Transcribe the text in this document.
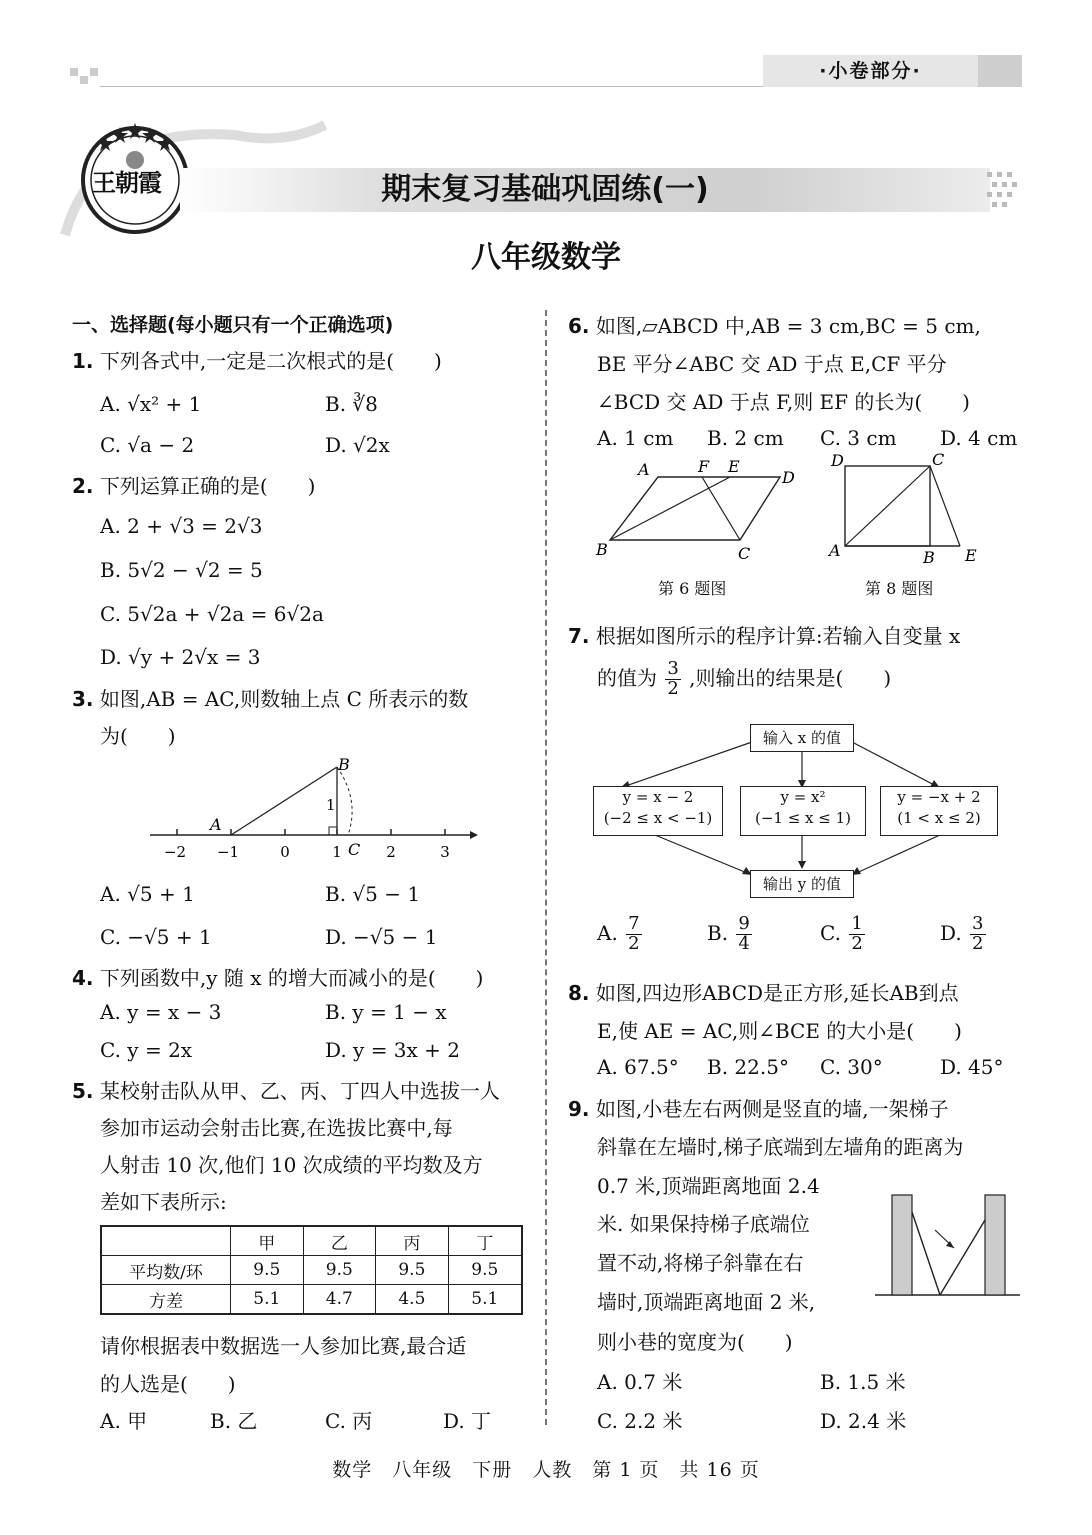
·小卷部分·
王朝霞	期末复习基础巩固练(一)
八年级数学
一、选择题(每小题只有一个正确选项)
1. 下列各式中,一定是二次根式的是(　　)
A. √x² + 1	B. ∛8
C. √a − 2	D. √2x
2. 下列运算正确的是(　　)
A. 2 + √3 = 2√3
B. 5√2 − √2 = 5
C. 5√2a + √2a = 6√2a
D. √y + 2√x = 3
3. 如图,AB = AC,则数轴上点 C 所表示的数
为(　　)
B
A
C
1
−2 −1	0	1	2	3
A. √5 + 1	B. √5 − 1
C. −√5 + 1	D. −√5 − 1
4. 下列函数中,y 随 x 的增大而减小的是(　　)
A. y = x − 3	B. y = 1 − x
C. y = 2x	D. y = 3x + 2
5. 某校射击队从甲、乙、丙、丁四人中选拔一人
参加市运动会射击比赛,在选拔比赛中,每
人射击 10 次,他们 10 次成绩的平均数及方
差如下表所示:
	甲	乙	丙	丁
平均数/环	9.5	9.5	9.5	9.5
方差	5.1	4.7	4.5	5.1
请你根据表中数据选一人参加比赛,最合适
的人选是(　　)
A. 甲	B. 乙	C. 丙	D. 丁
6. 如图,▱ABCD 中,AB = 3 cm,BC = 5 cm,
BE 平分∠ABC 交 AD 于点 E,CF 平分
∠BCD 交 AD 于点 F,则 EF 的长为(　　)
A. 1 cm B. 2 cm C. 3 cm D. 4 cm
A	F E
D
B	C
第 6 题图
D	C
A	B E
第 8 题图
7. 根据如图所示的程序计算:若输入自变量 x
的值为 $\frac{3}{2}$ ,则输出的结果是(　　)
输入 x 的值
y = x − 2
(−2 ≤ x < −1)
y = x²
(−1 ≤ x ≤ 1)
y = −x + 2
(1 < x ≤ 2)
输出 y 的值
A. $\frac{7}{2}$	B. $\frac{9}{4}$	C. $\frac{1}{2}$	D. $\frac{3}{2}$
8. 如图,四边形ABCD是正方形,延长AB到点
E,使 AE = AC,则∠BCE 的大小是(　　)
A. 67.5° B. 22.5° C. 30°	D. 45°
9. 如图,小巷左右两侧是竖直的墙,一架梯子
斜靠在左墙时,梯子底端到左墙角的距离为
0.7 米,顶端距离地面 2.4
米. 如果保持梯子底端位
置不动,将梯子斜靠在右
墙时,顶端距离地面 2 米,
则小巷的宽度为(　　)
A. 0.7 米	B. 1.5 米
C. 2.2 米	D. 2.4 米
数学　八年级　下册　人教　第 1 页　共 16 页
